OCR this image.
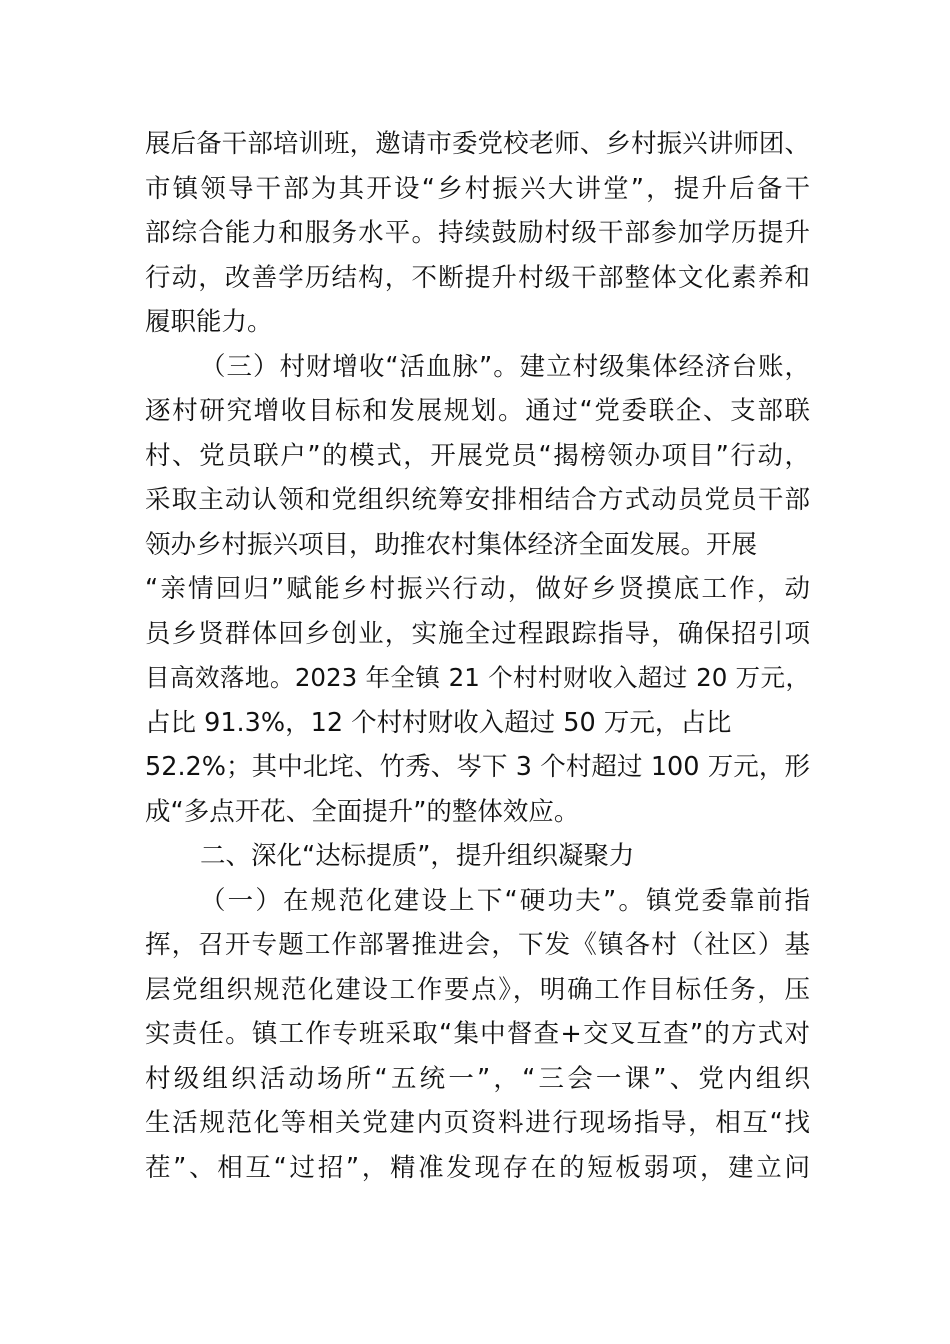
展后备干部培训班，邀请市委党校老师、乡村振兴讲师团、
市镇领导干部为其开设“乡村振兴大讲堂”，提升后备干
部综合能力和服务水平。持续鼓励村级干部参加学历提升
行动，改善学历结构，不断提升村级干部整体文化素养和
履职能力。
（三）村财增收“活血脉”。建立村级集体经济台账，
逐村研究增收目标和发展规划。通过“党委联企、支部联
村、党员联户”的模式，开展党员“揭榜领办项目”行动，
采取主动认领和党组织统筹安排相结合方式动员党员干部
领办乡村振兴项目，助推农村集体经济全面发展。开展
“亲情回归”赋能乡村振兴行动，做好乡贤摸底工作，动
员乡贤群体回乡创业，实施全过程跟踪指导，确保招引项
目高效落地。2023 年全镇 21 个村村财收入超过 20 万元，
占比 91.3%，12 个村村财收入超过 50 万元，占比
52.2%；其中北垞、竹秀、岑下 3 个村超过 100 万元，形
成“多点开花、全面提升”的整体效应。
二、深化“达标提质”，提升组织凝聚力
（一）在规范化建设上下“硬功夫”。镇党委靠前指
挥，召开专题工作部署推进会，下发《镇各村（社区）基
层党组织规范化建设工作要点》，明确工作目标任务，压
实责任。镇工作专班采取“集中督查+交叉互查”的方式对
村级组织活动场所“五统一”，“三会一课”、党内组织
生活规范化等相关党建内页资料进行现场指导，相互“找
茬”、相互“过招”，精准发现存在的短板弱项，建立问
